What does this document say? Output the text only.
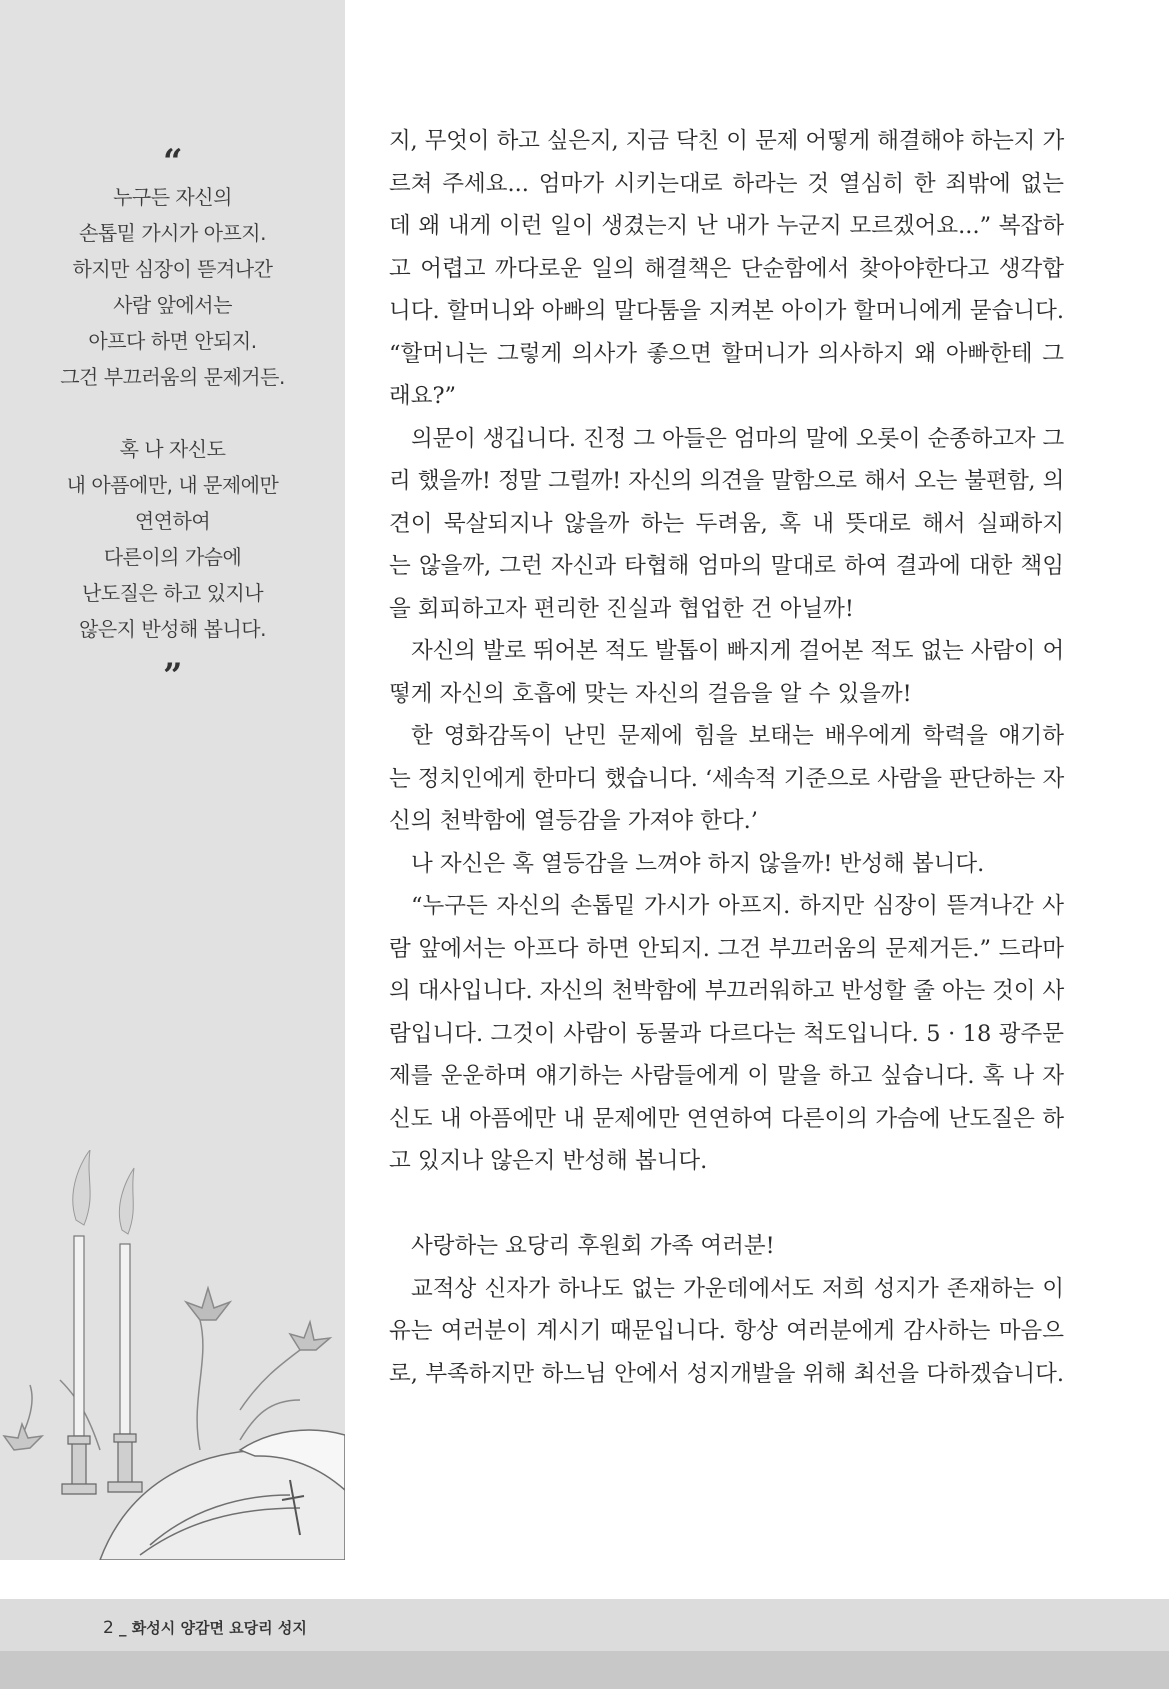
“
누구든 자신의
손톱밑 가시가 아프지.
하지만 심장이 뜯겨나간
사람 앞에서는
아프다 하면 안되지.
그건 부끄러움의 문제거든.
혹 나 자신도
내 아픔에만, 내 문제에만
연연하여
다른이의 가슴에
난도질은 하고 있지나
않은지 반성해 봅니다.
”
지, 무엇이 하고 싶은지, 지금 닥친 이 문제 어떻게 해결해야 하는지 가
르쳐 주세요... 엄마가 시키는대로 하라는 것 열심히 한 죄밖에 없는
데 왜 내게 이런 일이 생겼는지 난 내가 누군지 모르겠어요...” 복잡하
고 어렵고 까다로운 일의 해결책은 단순함에서 찾아야한다고 생각합
니다. 할머니와 아빠의 말다툼을 지켜본 아이가 할머니에게 묻습니다.
“할머니는 그렇게 의사가 좋으면 할머니가 의사하지 왜 아빠한테 그
래요?”
의문이 생깁니다. 진정 그 아들은 엄마의 말에 오롯이 순종하고자 그
리 했을까! 정말 그럴까! 자신의 의견을 말함으로 해서 오는 불편함, 의
견이 묵살되지나 않을까 하는 두려움, 혹 내 뜻대로 해서 실패하지
는 않을까, 그런 자신과 타협해 엄마의 말대로 하여 결과에 대한 책임
을 회피하고자 편리한 진실과 협업한 건 아닐까!
자신의 발로 뛰어본 적도 발톱이 빠지게 걸어본 적도 없는 사람이 어
떻게 자신의 호흡에 맞는 자신의 걸음을 알 수 있을까!
한 영화감독이 난민 문제에 힘을 보태는 배우에게 학력을 얘기하
는 정치인에게 한마디 했습니다. ‘세속적 기준으로 사람을 판단하는 자
신의 천박함에 열등감을 가져야 한다.’
나 자신은 혹 열등감을 느껴야 하지 않을까! 반성해 봅니다.
“누구든 자신의 손톱밑 가시가 아프지. 하지만 심장이 뜯겨나간 사
람 앞에서는 아프다 하면 안되지. 그건 부끄러움의 문제거든.” 드라마
의 대사입니다. 자신의 천박함에 부끄러워하고 반성할 줄 아는 것이 사
람입니다. 그것이 사람이 동물과 다르다는 척도입니다. 5 · 18 광주문
제를 운운하며 얘기하는 사람들에게 이 말을 하고 싶습니다. 혹 나 자
신도 내 아픔에만 내 문제에만 연연하여 다른이의 가슴에 난도질은 하
고 있지나 않은지 반성해 봅니다.
사랑하는 요당리 후원회 가족 여러분!
교적상 신자가 하나도 없는 가운데에서도 저희 성지가 존재하는 이
유는 여러분이 계시기 때문입니다. 항상 여러분에게 감사하는 마음으
로, 부족하지만 하느님 안에서 성지개발을 위해 최선을 다하겠습니다.
2 _ 화성시 양감면 요당리 성지
